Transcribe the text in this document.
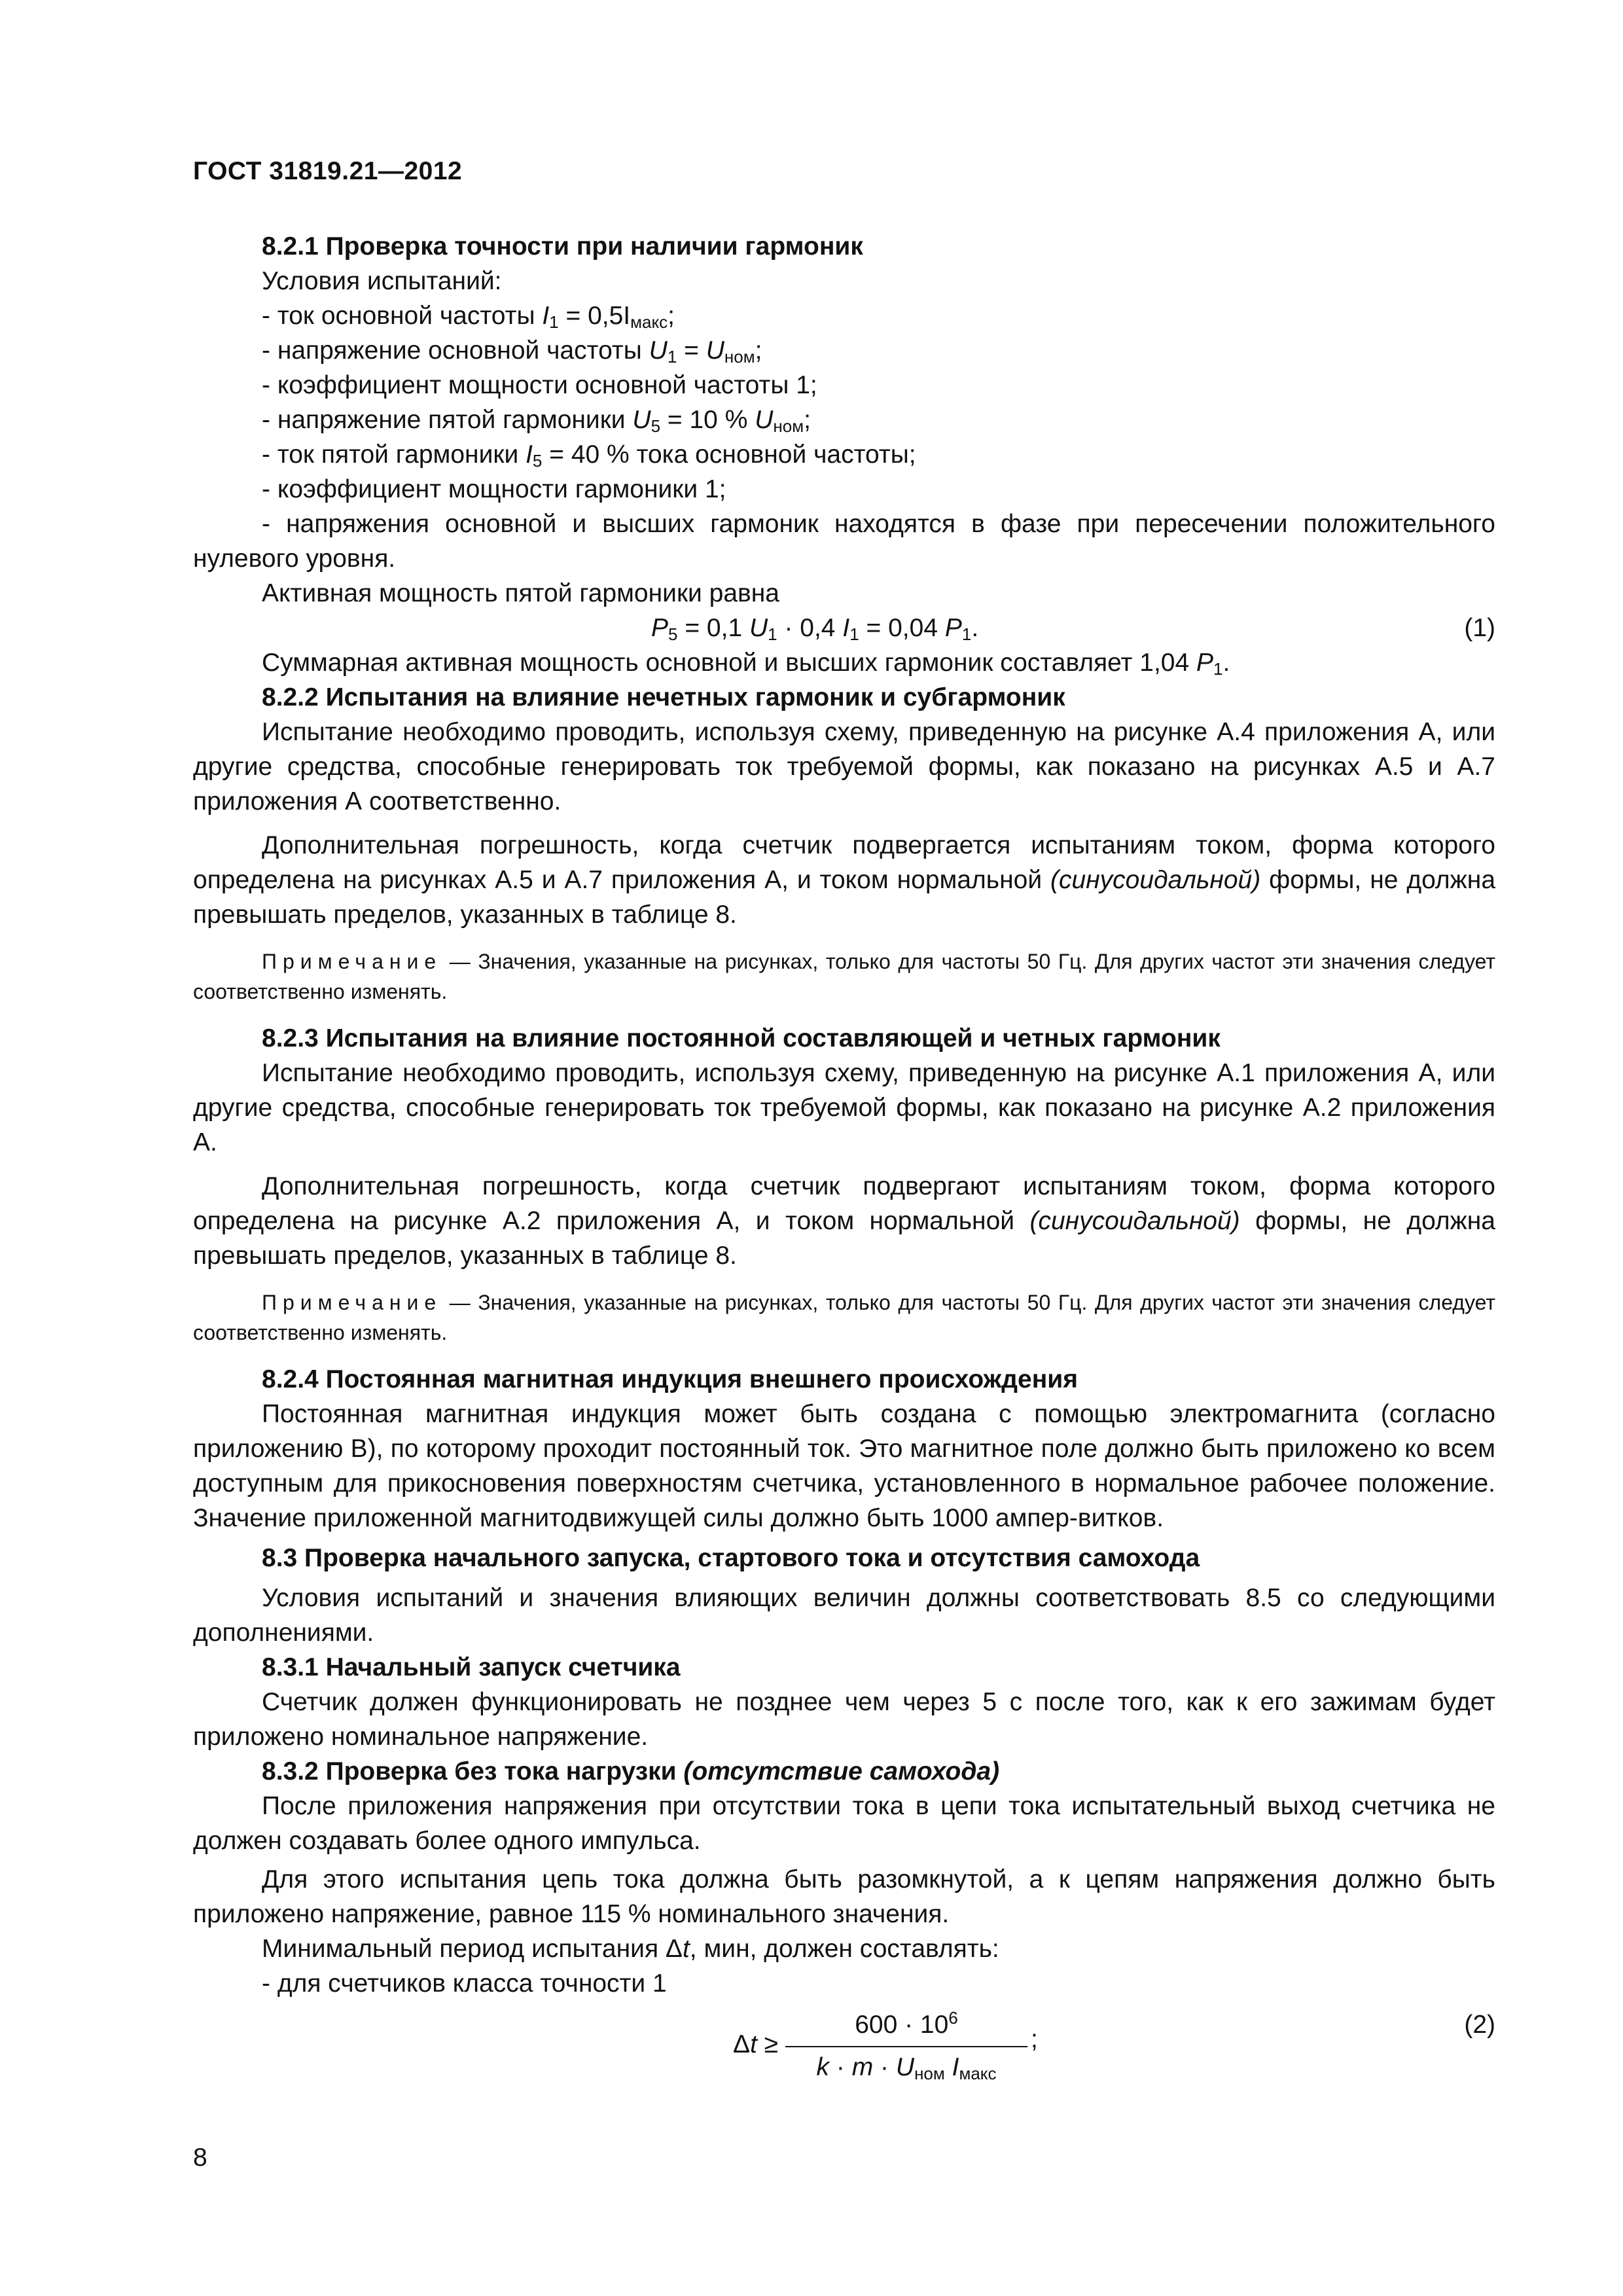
ГОСТ 31819.21—2012

8.2.1 Проверка точности при наличии гармоник

Условия испытаний:

- ток основной частоты $I_1 = 0,5I_{макс}$;

- напряжение основной частоты $U_1 = U_{ном}$;

- коэффициент мощности основной частоты 1;

- напряжение пятой гармоники $U_5 = 10$ % $U_{ном}$;

- ток пятой гармоники $I_5 = 40$ % тока основной частоты;

- коэффициент мощности гармоники 1;

- напряжения основной и высших гармоник находятся в фазе при пересечении положительного нулевого уровня.

Активная мощность пятой гармоники равна

$P_5 = 0,1$ $U_1 \cdot 0,4$ $I_1 = 0,04$ $P_1$.	(1)

Суммарная активная мощность основной и высших гармоник составляет 1,04 $P_1$.

8.2.2 Испытания на влияние нечетных гармоник и субгармоник

Испытание необходимо проводить, используя схему, приведенную на рисунке А.4 приложения А, или другие средства, способные генерировать ток требуемой формы, как показано на рисунках А.5 и А.7 приложения А соответственно.

Дополнительная погрешность, когда счетчик подвергается испытаниям током, форма которого определена на рисунках А.5 и А.7 приложения А, и током нормальной (синусоидальной) формы, не должна превышать пределов, указанных в таблице 8.

Примечание — Значения, указанные на рисунках, только для частоты 50 Гц. Для других частот эти значения следует соответственно изменять.

8.2.3 Испытания на влияние постоянной составляющей и четных гармоник

Испытание необходимо проводить, используя схему, приведенную на рисунке А.1 приложения А, или другие средства, способные генерировать ток требуемой формы, как показано на рисунке А.2 приложения А.

Дополнительная погрешность, когда счетчик подвергают испытаниям током, форма которого определена на рисунке А.2 приложения А, и током нормальной (синусоидальной) формы, не должна превышать пределов, указанных в таблице 8.

Примечание — Значения, указанные на рисунках, только для частоты 50 Гц. Для других частот эти значения следует соответственно изменять.

8.2.4 Постоянная магнитная индукция внешнего происхождения

Постоянная магнитная индукция может быть создана с помощью электромагнита (согласно приложению В), по которому проходит постоянный ток. Это магнитное поле должно быть приложено ко всем доступным для прикосновения поверхностям счетчика, установленного в нормальное рабочее положение. Значение приложенной магнитодвижущей силы должно быть 1000 ампер-витков.

8.3 Проверка начального запуска, стартового тока и отсутствия самохода

Условия испытаний и значения влияющих величин должны соответствовать 8.5 со следующими дополнениями.

8.3.1 Начальный запуск счетчика

Счетчик должен функционировать не позднее чем через 5 с после того, как к его зажимам будет приложено номинальное напряжение.

8.3.2 Проверка без тока нагрузки (отсутствие самохода)

После приложения напряжения при отсутствии тока в цепи тока испытательный выход счетчика не должен создавать более одного импульса.

Для этого испытания цепь тока должна быть разомкнутой, а к цепям напряжения должно быть приложено напряжение, равное 115 % номинального значения.

Минимальный период испытания Δt, мин, должен составлять:

- для счетчиков класса точности 1

Δt ≥
$600 \cdot 10^6$
$k \cdot m \cdot U_{ном}$ $I_{макс}$
;
(2)
8
